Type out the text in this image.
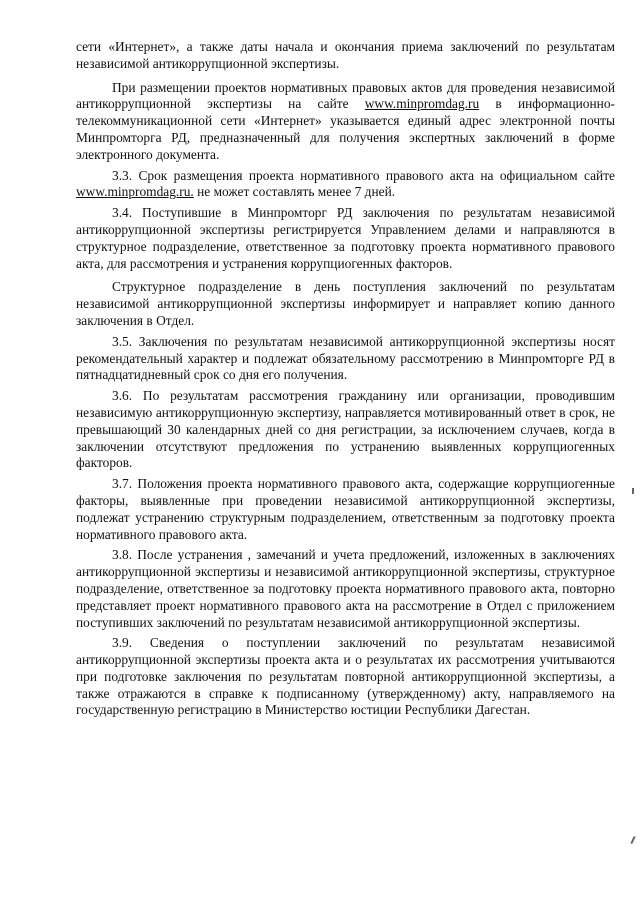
сети «Интернет», а также даты начала и окончания приема заключений по результатам независимой антикоррупционной экспертизы.

При размещении проектов нормативных правовых актов для проведения независимой антикоррупционной экспертизы на сайте www.minpromdag.ru в информационно-телекоммуникационной сети «Интернет» указывается единый адрес электронной почты Минпромторга РД, предназначенный для получения экспертных заключений в форме электронного документа.

3.3. Срок размещения проекта нормативного правового акта на официальном сайте www.minpromdag.ru. не может составлять менее 7 дней.

3.4. Поступившие в Минпромторг РД заключения по результатам независимой антикоррупционной экспертизы регистрируется Управлением делами и направляются в структурное подразделение, ответственное за подготовку проекта нормативного правового акта, для рассмотрения и устранения коррупциогенных факторов.

Структурное подразделение в день поступления заключений по результатам независимой антикоррупционной экспертизы информирует и направляет копию данного заключения в Отдел.

3.5. Заключения по результатам независимой антикоррупционной экспертизы носят рекомендательный характер и подлежат обязательному рассмотрению в Минпромторге РД в пятнадцатидневный срок со дня его получения.

3.6. По результатам рассмотрения гражданину или организации, проводившим независимую антикоррупционную экспертизу, направляется мотивированный ответ в срок, не превышающий 30 календарных дней со дня регистрации, за исключением случаев, когда в заключении отсутствуют предложения по устранению выявленных коррупциогенных факторов.

3.7. Положения проекта нормативного правового акта, содержащие коррупциогенные факторы, выявленные при проведении независимой антикоррупционной экспертизы, подлежат устранению структурным подразделением, ответственным за подготовку проекта нормативного правового акта.

3.8. После устранения , замечаний и учета предложений, изложенных в заключениях антикоррупционной экспертизы и независимой антикоррупционной экспертизы, структурное подразделение, ответственное за подготовку проекта нормативного правового акта, повторно представляет проект нормативного правового акта на рассмотрение в Отдел с приложением поступивших заключений по результатам независимой антикоррупционной экспертизы.

3.9. Сведения о поступлении заключений по результатам независимой антикоррупционной экспертизы проекта акта и о результатах их рассмотрения учитываются при подготовке заключения по результатам повторной антикоррупционной экспертизы, а также отражаются в справке к подписанному (утвержденному) акту, направляемого на государственную регистрацию в Министерство юстиции Республики Дагестан.
